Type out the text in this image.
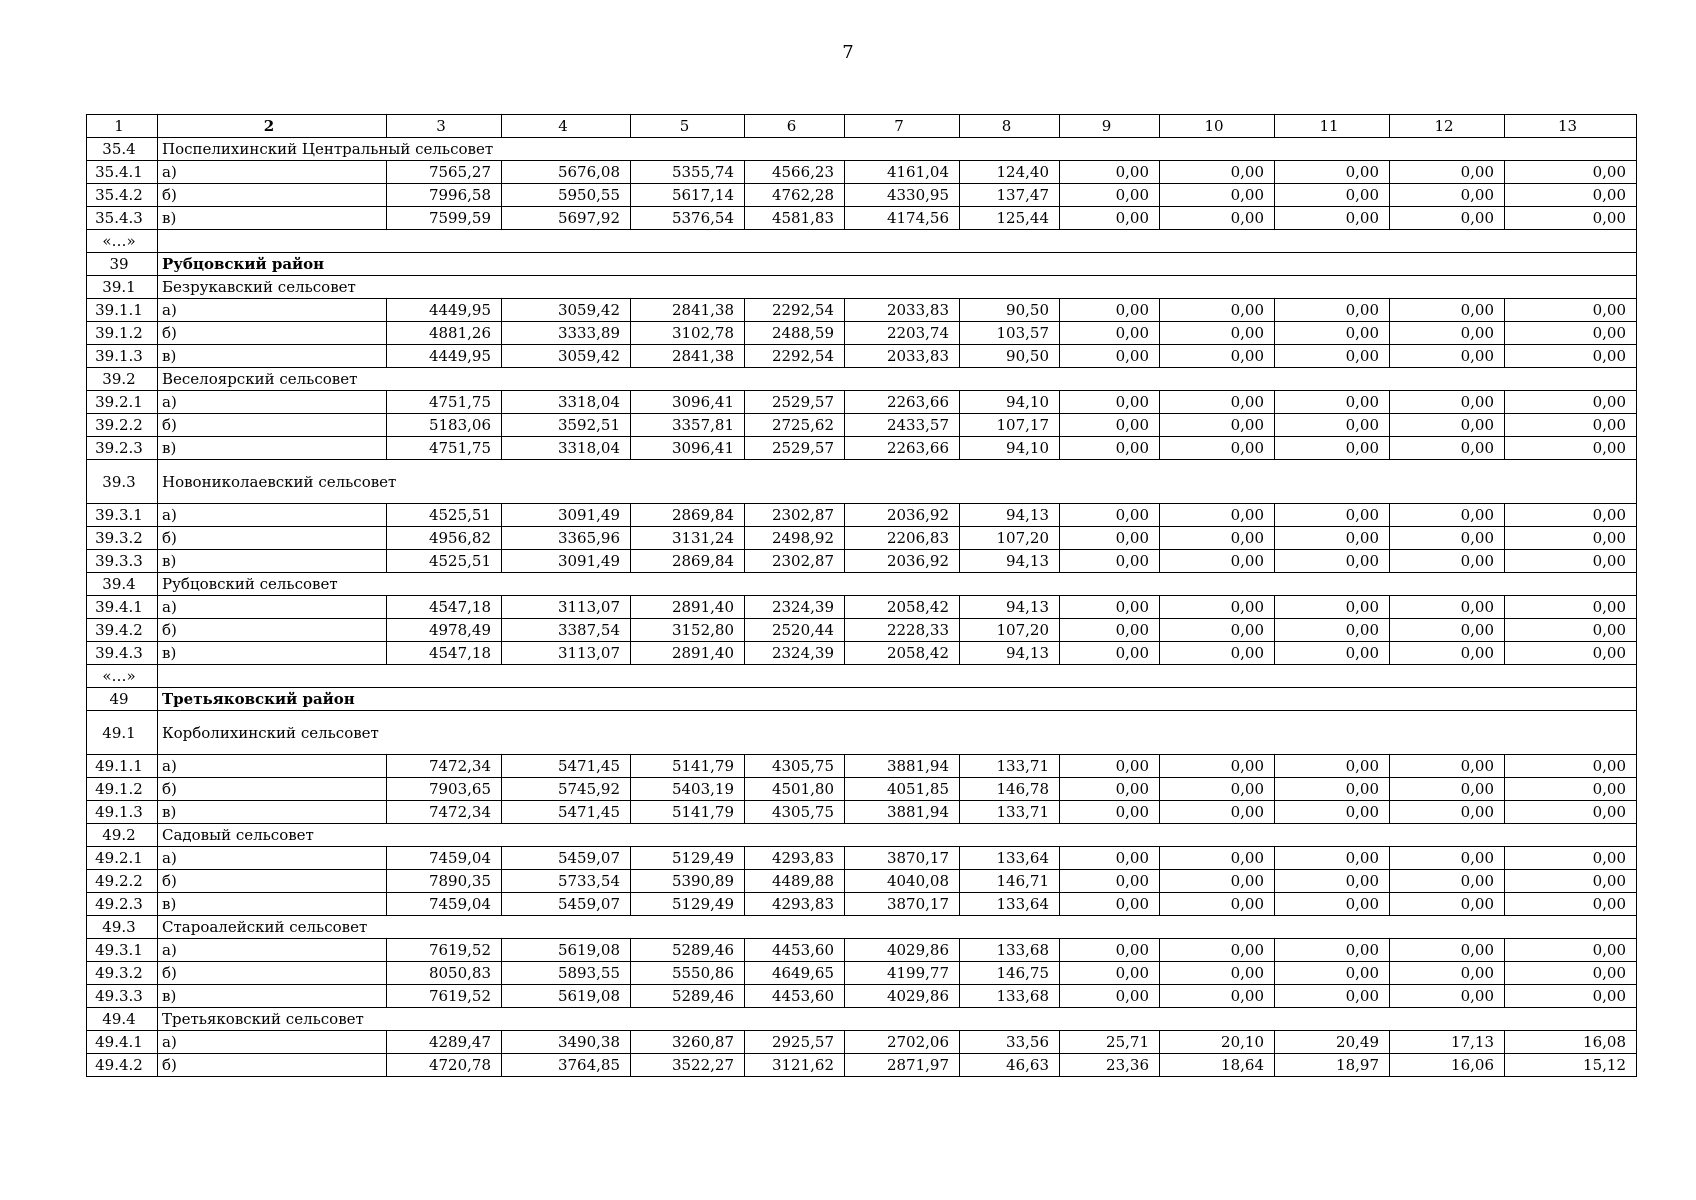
7
1	2	3	4	5	6	7	8	9	10	11	12	13
35.4	Поспелихинский Центральный сельсовет											
35.4.1	а)	7565,27	5676,08	5355,74	4566,23	4161,04	124,40	0,00	0,00	0,00	0,00	0,00
35.4.2	б)	7996,58	5950,55	5617,14	4762,28	4330,95	137,47	0,00	0,00	0,00	0,00	0,00
35.4.3	в)	7599,59	5697,92	5376,54	4581,83	4174,56	125,44	0,00	0,00	0,00	0,00	0,00
«…»												
39	Рубцовский район											
39.1	Безрукавский сельсовет											
39.1.1	а)	4449,95	3059,42	2841,38	2292,54	2033,83	90,50	0,00	0,00	0,00	0,00	0,00
39.1.2	б)	4881,26	3333,89	3102,78	2488,59	2203,74	103,57	0,00	0,00	0,00	0,00	0,00
39.1.3	в)	4449,95	3059,42	2841,38	2292,54	2033,83	90,50	0,00	0,00	0,00	0,00	0,00
39.2	Веселоярский сельсовет											
39.2.1	а)	4751,75	3318,04	3096,41	2529,57	2263,66	94,10	0,00	0,00	0,00	0,00	0,00
39.2.2	б)	5183,06	3592,51	3357,81	2725,62	2433,57	107,17	0,00	0,00	0,00	0,00	0,00
39.2.3	в)	4751,75	3318,04	3096,41	2529,57	2263,66	94,10	0,00	0,00	0,00	0,00	0,00
39.3	Новониколаевский сельсовет											
39.3.1	а)	4525,51	3091,49	2869,84	2302,87	2036,92	94,13	0,00	0,00	0,00	0,00	0,00
39.3.2	б)	4956,82	3365,96	3131,24	2498,92	2206,83	107,20	0,00	0,00	0,00	0,00	0,00
39.3.3	в)	4525,51	3091,49	2869,84	2302,87	2036,92	94,13	0,00	0,00	0,00	0,00	0,00
39.4	Рубцовский сельсовет											
39.4.1	а)	4547,18	3113,07	2891,40	2324,39	2058,42	94,13	0,00	0,00	0,00	0,00	0,00
39.4.2	б)	4978,49	3387,54	3152,80	2520,44	2228,33	107,20	0,00	0,00	0,00	0,00	0,00
39.4.3	в)	4547,18	3113,07	2891,40	2324,39	2058,42	94,13	0,00	0,00	0,00	0,00	0,00
«…»												
49	Третьяковский район											
49.1	Корболихинский сельсовет											
49.1.1	а)	7472,34	5471,45	5141,79	4305,75	3881,94	133,71	0,00	0,00	0,00	0,00	0,00
49.1.2	б)	7903,65	5745,92	5403,19	4501,80	4051,85	146,78	0,00	0,00	0,00	0,00	0,00
49.1.3	в)	7472,34	5471,45	5141,79	4305,75	3881,94	133,71	0,00	0,00	0,00	0,00	0,00
49.2	Садовый сельсовет											
49.2.1	а)	7459,04	5459,07	5129,49	4293,83	3870,17	133,64	0,00	0,00	0,00	0,00	0,00
49.2.2	б)	7890,35	5733,54	5390,89	4489,88	4040,08	146,71	0,00	0,00	0,00	0,00	0,00
49.2.3	в)	7459,04	5459,07	5129,49	4293,83	3870,17	133,64	0,00	0,00	0,00	0,00	0,00
49.3	Староалейский сельсовет											
49.3.1	а)	7619,52	5619,08	5289,46	4453,60	4029,86	133,68	0,00	0,00	0,00	0,00	0,00
49.3.2	б)	8050,83	5893,55	5550,86	4649,65	4199,77	146,75	0,00	0,00	0,00	0,00	0,00
49.3.3	в)	7619,52	5619,08	5289,46	4453,60	4029,86	133,68	0,00	0,00	0,00	0,00	0,00
49.4	Третьяковский сельсовет											
49.4.1	а)	4289,47	3490,38	3260,87	2925,57	2702,06	33,56	25,71	20,10	20,49	17,13	16,08
49.4.2	б)	4720,78	3764,85	3522,27	3121,62	2871,97	46,63	23,36	18,64	18,97	16,06	15,12
